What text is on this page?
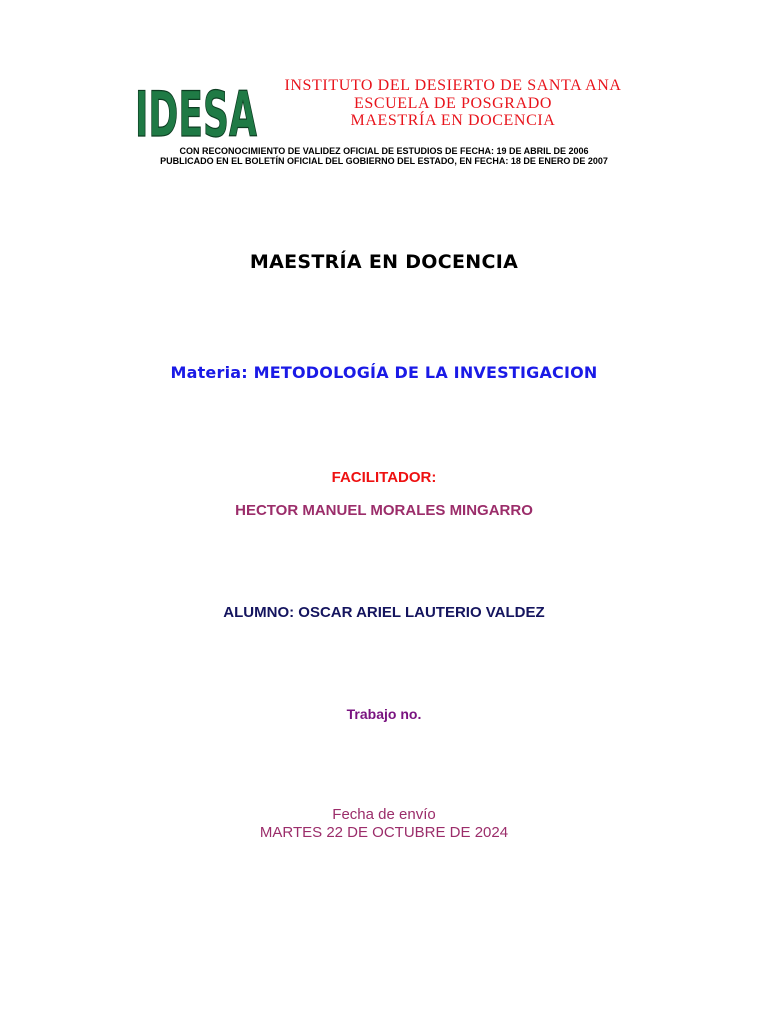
IDESA	INSTITUTO DEL DESIERTO DE SANTA ANA
ESCUELA DE POSGRADO
MAESTRÍA EN DOCENCIA
CON RECONOCIMIENTO DE VALIDEZ OFICIAL DE ESTUDIOS DE FECHA: 19 DE ABRIL DE 2006
PUBLICADO EN EL BOLETÍN OFICIAL DEL GOBIERNO DEL ESTADO, EN FECHA: 18 DE ENERO DE 2007
MAESTRÍA EN DOCENCIA
Materia: METODOLOGÍA DE LA INVESTIGACION
FACILITADOR:
HECTOR MANUEL MORALES MINGARRO
ALUMNO: OSCAR ARIEL LAUTERIO VALDEZ
Trabajo no.
Fecha de envío
MARTES 22 DE OCTUBRE DE 2024
